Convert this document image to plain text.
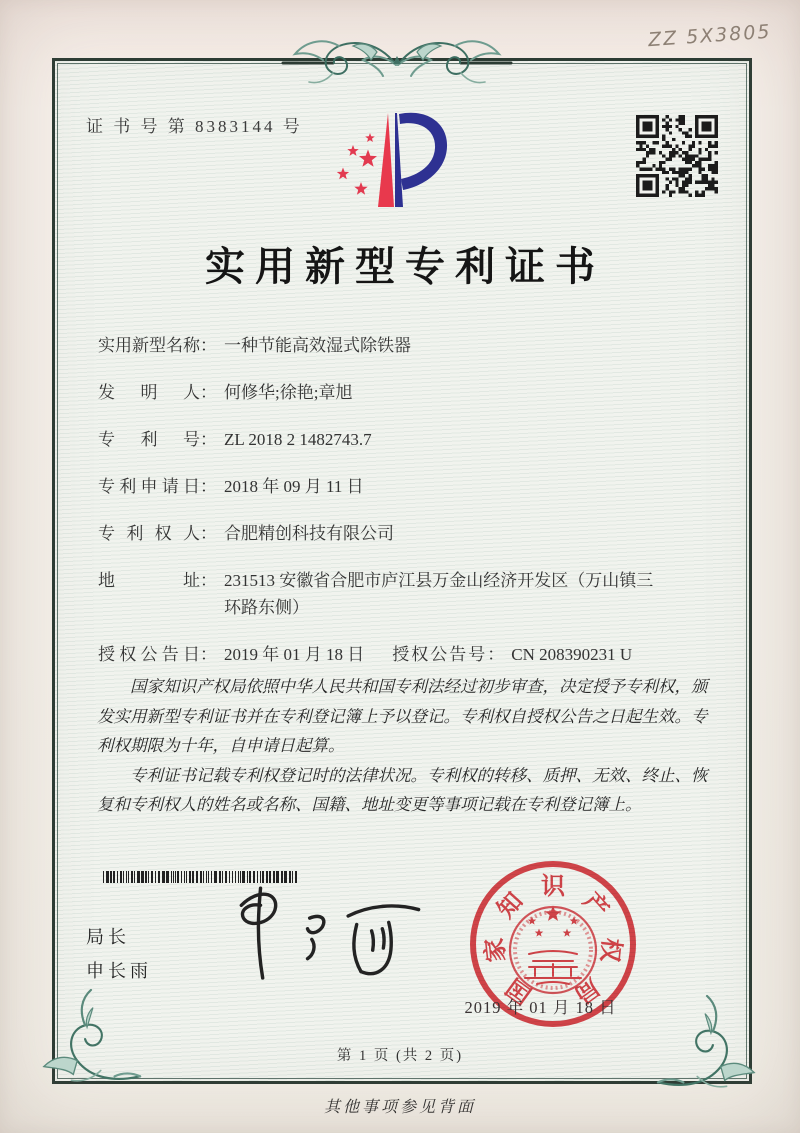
ZZ 5X3805
证 书 号 第 8383144 号
实用新型专利证书
实用新型名称： 一种节能高效湿式除铁器
发明人： 何修华;徐艳;章旭
专利号： ZL 2018 2 1482743.7
专利申请日： 2018 年 09 月 11 日
专利权人： 合肥精创科技有限公司
地址： 231513 安徽省合肥市庐江县万金山经济开发区（万山镇三环路东侧）
授权公告日： 2019 年 01 月 18 日 授权公告号： CN 208390231 U

国家知识产权局依照中华人民共和国专利法经过初步审查，决定授予专利权，颁发实用新型专利证书并在专利登记簿上予以登记。专利权自授权公告之日起生效。专利权期限为十年，自申请日起算。

专利证书记载专利权登记时的法律状况。专利权的转移、质押、无效、终止、恢复和专利权人的姓名或名称、国籍、地址变更等事项记载在专利登记簿上。

局长
申长雨
国
家
知
识
产
权
局
2019 年 01 月 18 日
第 1 页 (共 2 页)
其他事项参见背面
